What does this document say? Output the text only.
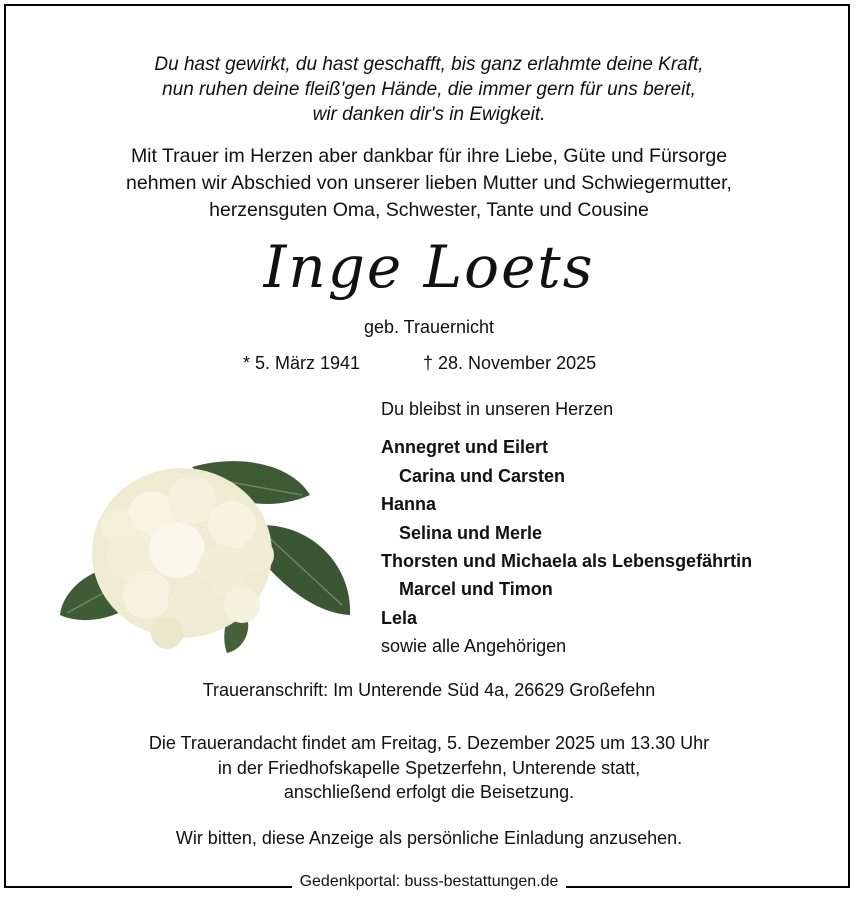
Du hast gewirkt, du hast geschafft, bis ganz erlahmte deine Kraft,
nun ruhen deine fleiß'gen Hände, die immer gern für uns bereit,
wir danken dir's in Ewigkeit.
Mit Trauer im Herzen aber dankbar für ihre Liebe, Güte und Fürsorge
nehmen wir Abschied von unserer lieben Mutter und Schwiegermutter,
herzensguten Oma, Schwester, Tante und Cousine
Inge Loets
geb. Trauernicht
* 5. März 1941	† 28. November 2025
Du bleibst in unseren Herzen
Annegret und Eilert
Carina und Carsten
Hanna
Selina und Merle
Thorsten und Michaela als Lebensgefährtin
Marcel und Timon
Lela
sowie alle Angehörigen
Traueranschrift: Im Unterende Süd 4a, 26629 Großefehn
Die Trauerandacht findet am Freitag, 5. Dezember 2025 um 13.30 Uhr
in der Friedhofskapelle Spetzerfehn, Unterende statt,
anschließend erfolgt die Beisetzung.
Wir bitten, diese Anzeige als persönliche Einladung anzusehen.
Gedenkportal: buss-bestattungen.de
